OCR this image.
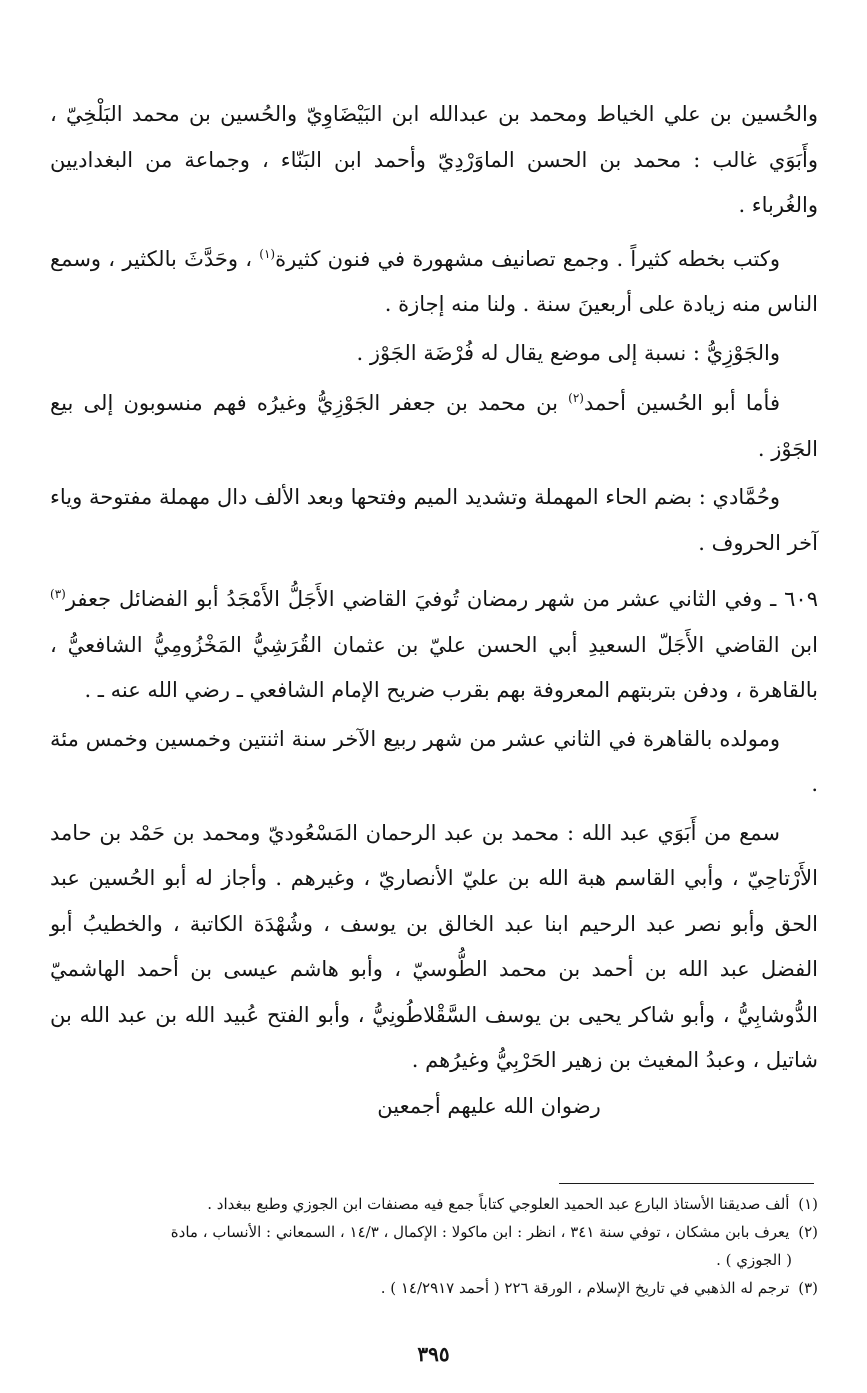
والحُسين بن علي الخياط ومحمد بن عبدالله ابن البَيْضَاوِيّ والحُسين بن محمد البَلْخِيّ ، وأَبَوَي غالب : محمد بن الحسن الماوَرْدِيّ وأحمد ابن البَنّاء ، وجماعة من البغداديين والغُرباء .

وكتب بخطه كثيراً . وجمع تصانيف مشهورة في فنون كثيرة$^{(١)}$ ، وحَدَّثَ بالكثير ، وسمع الناس منه زيادة على أربعينَ سنة . ولنا منه إجازة .

والجَوْزِيُّ : نسبة إلى موضع يقال له فُرْضَة الجَوْز .

فأما أبو الحُسين أحمد$^{(٢)}$ بن محمد بن جعفر الجَوْزِيُّ وغيرُه فهم منسوبون إلى بيع الجَوْز .

وحُمَّادي : بضم الحاء المهملة وتشديد الميم وفتحها وبعد الألف دال مهملة مفتوحة وياء آخر الحروف .

٦٠٩ ـ وفي الثاني عشر من شهر رمضان تُوفيَ القاضي الأَجَلُّ الأَمْجَدُ أبو الفضائل جعفر$^{(٣)}$ ابن القاضي الأَجَلّ السعيدِ أبي الحسن عليّ بن عثمان القُرَشِيُّ المَخْزُومِيُّ الشافعيُّ ، بالقاهرة ، ودفن بتربتهم المعروفة بهم بقرب ضريح الإمام الشافعي ـ رضي الله عنه ـ .

ومولده بالقاهرة في الثاني عشر من شهر ربيع الآخر سنة اثنتين وخمسين وخمس مئة .

سمع من أَبَوَي عبد الله : محمد بن عبد الرحمان المَسْعُوديّ ومحمد بن حَمْد بن حامد الأَرْتاحِيّ ، وأبي القاسم هبة الله بن عليّ الأنصاريّ ، وغيرهم . وأجاز له أبو الحُسين عبد الحق وأبو نصر عبد الرحيم ابنا عبد الخالق بن يوسف ، وشُهْدَة الكاتبة ، والخطيبُ أبو الفضل عبد الله بن أحمد بن محمد الطُّوسيّ ، وأبو هاشم عيسى بن أحمد الهاشميّ الدُّوشابِيُّ ، وأبو شاكر يحيى بن يوسف السَّقْلاطُونِيُّ ، وأبو الفتح عُبيد الله بن عبد الله بن شاتيل ، وعبدُ المغيث بن زهير الحَرْبِيُّ وغيرُهم .

رضوان الله عليهم أجمعين

(١) ألف صديقنا الأستاذ البارع عبد الحميد العلوجي كتاباً جمع فيه مصنفات ابن الجوزي وطبع ببغداد .

(٢) يعرف بابن مشكان ، توفي سنة ٣٤١ ، انظر : ابن ماكولا : الإكمال ، ١٤/٣ ، السمعاني : الأنساب ، مادة

( الجوزي ) .

(٣) ترجم له الذهبي في تاريخ الإسلام ، الورقة ٢٢٦ ( أحمد ١٤/٢٩١٧ ) .

٣٩٥
